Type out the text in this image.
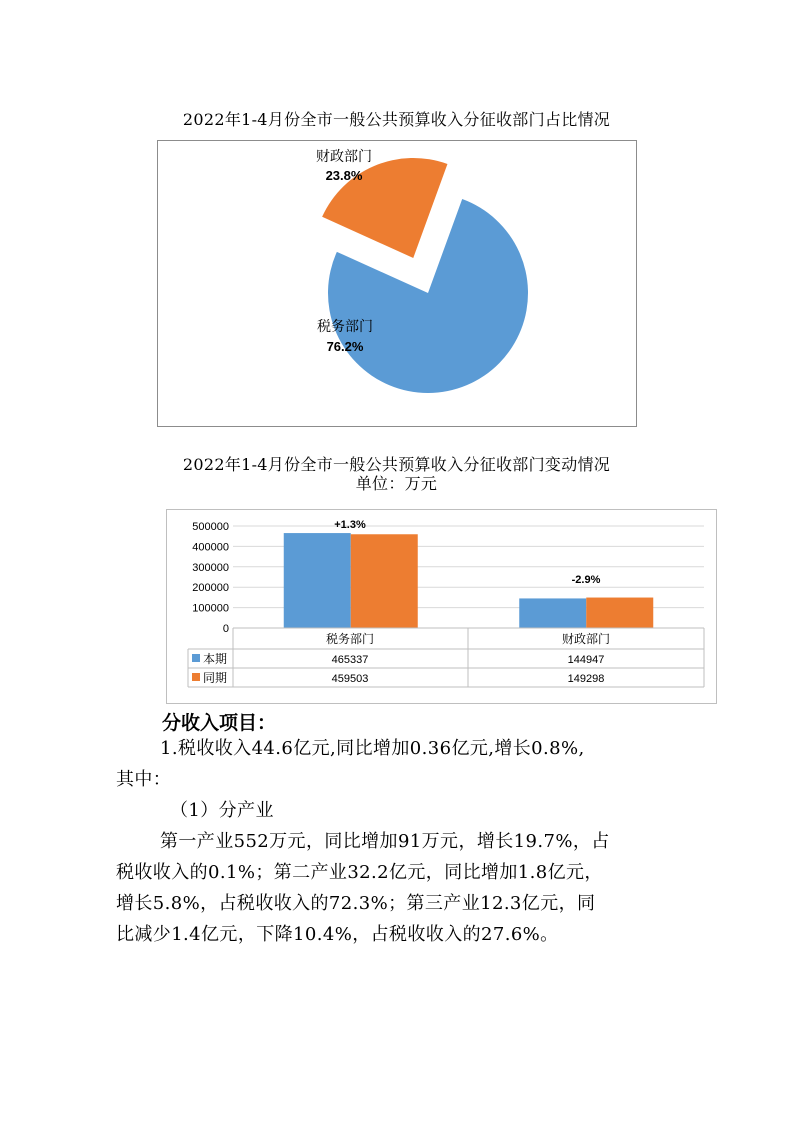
2022年1-4月份全市一般公共预算收入分征收部门占比情况
财政部门
23.8%
税务部门
76.2%
2022年1-4月份全市一般公共预算收入分征收部门变动情况
单位：万元
500000
400000
300000
200000
100000
0
+1.3%
-2.9%
税务部门	财政部门
本期	465337	144947
同期	459503	149298
分收入项目：
1.税收收入44.6亿元,同比增加0.36亿元,增长0.8%,
其中：
（1）分产业
第一产业552万元，同比增加91万元，增长19.7%，占
税收收入的0.1%；第二产业32.2亿元，同比增加1.8亿元，
增长5.8%，占税收收入的72.3%；第三产业12.3亿元，同
比减少1.4亿元，下降10.4%，占税收收入的27.6%。
